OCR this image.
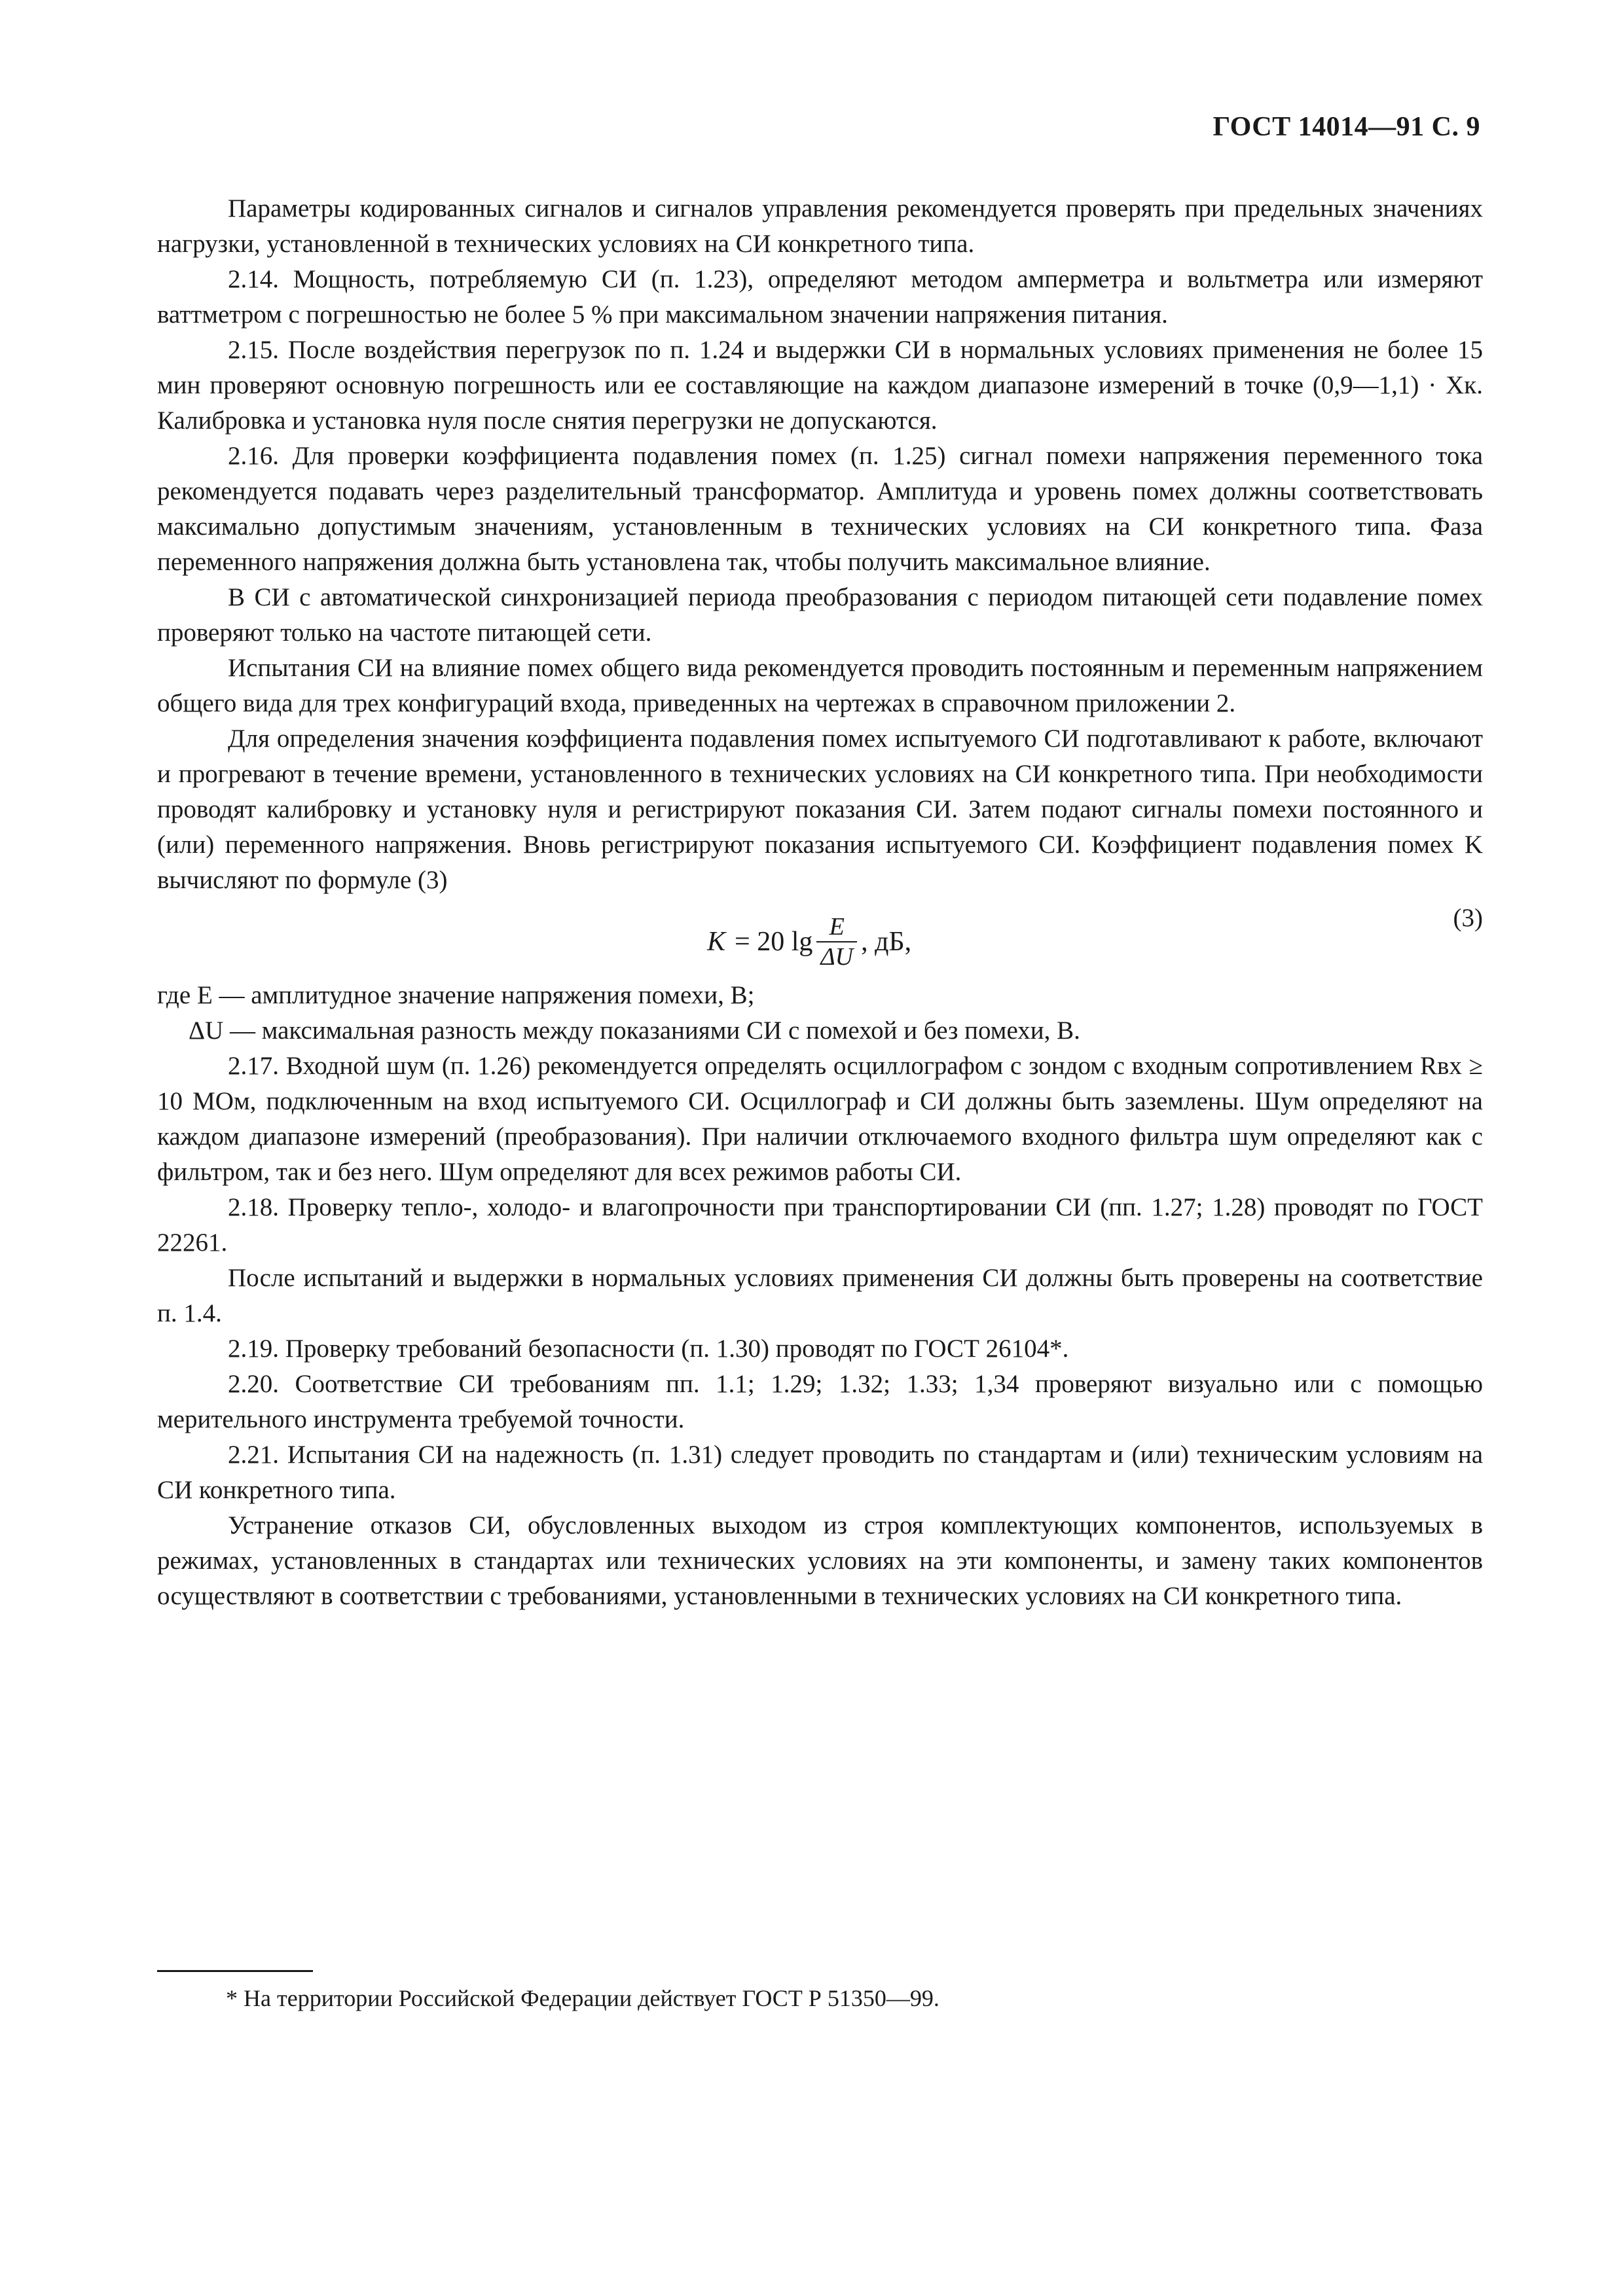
ГОСТ 14014—91 С. 9

Параметры кодированных сигналов и сигналов управления рекомендуется проверять при предельных значениях нагрузки, установленной в технических условиях на СИ конкретного типа.

2.14. Мощность, потребляемую СИ (п. 1.23), определяют методом амперметра и вольтметра или измеряют ваттметром с погрешностью не более 5 % при максимальном значении напряжения питания.

2.15. После воздействия перегрузок по п. 1.24 и выдержки СИ в нормальных условиях применения не более 15 мин проверяют основную погрешность или ее составляющие на каждом диапазоне измерений в точке (0,9—1,1) · Xк. Калибровка и установка нуля после снятия перегрузки не допускаются.

2.16. Для проверки коэффициента подавления помех (п. 1.25) сигнал помехи напряжения переменного тока рекомендуется подавать через разделительный трансформатор. Амплитуда и уровень помех должны соответствовать максимально допустимым значениям, установленным в технических условиях на СИ конкретного типа. Фаза переменного напряжения должна быть установлена так, чтобы получить максимальное влияние.

В СИ с автоматической синхронизацией периода преобразования с периодом питающей сети подавление помех проверяют только на частоте питающей сети.

Испытания СИ на влияние помех общего вида рекомендуется проводить постоянным и переменным напряжением общего вида для трех конфигураций входа, приведенных на чертежах в справочном приложении 2.

Для определения значения коэффициента подавления помех испытуемого СИ подготавливают к работе, включают и прогревают в течение времени, установленного в технических условиях на СИ конкретного типа. При необходимости проводят калибровку и установку нуля и регистрируют показания СИ. Затем подают сигналы помехи постоянного и (или) переменного напряжения. Вновь регистрируют показания испытуемого СИ. Коэффициент подавления помех K вычисляют по формуле (3)

K = 20 $\lg \frac{E}{\Delta U}$ , дБ,
(3)
где E — амплитудное значение напряжения помехи, В;
ΔU — максимальная разность между показаниями СИ с помехой и без помехи, В.

2.17. Входной шум (п. 1.26) рекомендуется определять осциллографом с зондом с входным сопротивлением Rвх ≥ 10 МОм, подключенным на вход испытуемого СИ. Осциллограф и СИ должны быть заземлены. Шум определяют на каждом диапазоне измерений (преобразования). При наличии отключаемого входного фильтра шум определяют как с фильтром, так и без него. Шум определяют для всех режимов работы СИ.

2.18. Проверку тепло-, холодо- и влагопрочности при транспортировании СИ (пп. 1.27; 1.28) проводят по ГОСТ 22261.

После испытаний и выдержки в нормальных условиях применения СИ должны быть проверены на соответствие п. 1.4.

2.19. Проверку требований безопасности (п. 1.30) проводят по ГОСТ 26104*.

2.20. Соответствие СИ требованиям пп. 1.1; 1.29; 1.32; 1.33; 1,34 проверяют визуально или с помощью мерительного инструмента требуемой точности.

2.21. Испытания СИ на надежность (п. 1.31) следует проводить по стандартам и (или) техническим условиям на СИ конкретного типа.

Устранение отказов СИ, обусловленных выходом из строя комплектующих компонентов, используемых в режимах, установленных в стандартах или технических условиях на эти компоненты, и замену таких компонентов осуществляют в соответствии с требованиями, установленными в технических условиях на СИ конкретного типа.

* На территории Российской Федерации действует ГОСТ Р 51350—99.
